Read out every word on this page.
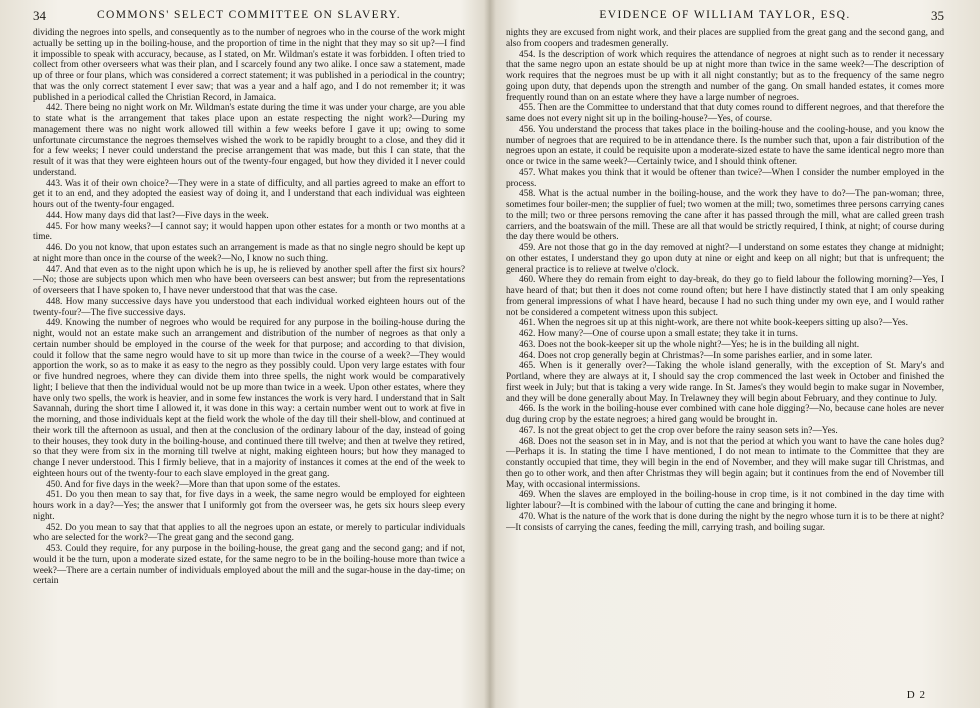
34	COMMONS' SELECT COMMITTEE ON SLAVERY.

dividing the negroes into spells, and consequently as to the number of negroes who in the course of the work might actually be setting up in the boiling-house, and the proportion of time in the night that they may so sit up?—I find it impossible to speak with accuracy, because, as I stated, on Mr. Wildman's estate it was forbidden. I often tried to collect from other overseers what was their plan, and I scarcely found any two alike. I once saw a statement, made up of three or four plans, which was considered a correct statement; it was published in a periodical in the country; that was the only correct statement I ever saw; that was a year and a half ago, and I do not remember it; it was published in a periodical called the Christian Record, in Jamaica.

442. There being no night work on Mr. Wildman's estate during the time it was under your charge, are you able to state what is the arrangement that takes place upon an estate respecting the night work?—During my management there was no night work allowed till within a few weeks before I gave it up; owing to some unfortunate circumstance the negroes themselves wished the work to be rapidly brought to a close, and they did it for a few weeks; I never could understand the precise arrangement that was made, but this I can state, that the result of it was that they were eighteen hours out of the twenty-four engaged, but how they divided it I never could understand.

443. Was it of their own choice?—They were in a state of difficulty, and all parties agreed to make an effort to get it to an end, and they adopted the easiest way of doing it, and I understand that each individual was eighteen hours out of the twenty-four engaged.

444. How many days did that last?—Five days in the week.

445. For how many weeks?—I cannot say; it would happen upon other estates for a month or two months at a time.

446. Do you not know, that upon estates such an arrangement is made as that no single negro should be kept up at night more than once in the course of the week?—No, I know no such thing.

447. And that even as to the night upon which he is up, he is relieved by another spell after the first six hours?—No; those are subjects upon which men who have been overseers can best answer; but from the representations of overseers that I have spoken to, I have never understood that that was the case.

448. How many successive days have you understood that each individual worked eighteen hours out of the twenty-four?—The five successive days.

449. Knowing the number of negroes who would be required for any purpose in the boiling-house during the night, would not an estate make such an arrangement and distribution of the number of negroes as that only a certain number should be employed in the course of the week for that purpose; and according to that division, could it follow that the same negro would have to sit up more than twice in the course of a week?—They would apportion the work, so as to make it as easy to the negro as they possibly could. Upon very large estates with four or five hundred negroes, where they can divide them into three spells, the night work would be comparatively light; I believe that then the individual would not be up more than twice in a week. Upon other estates, where they have only two spells, the work is heavier, and in some few instances the work is very hard. I understand that in Salt Savannah, during the short time I allowed it, it was done in this way: a certain number went out to work at five in the morning, and those individuals kept at the field work the whole of the day till their shell-blow, and continued at their work till the afternoon as usual, and then at the conclusion of the ordinary labour of the day, instead of going to their houses, they took duty in the boiling-house, and continued there till twelve; and then at twelve they retired, so that they were from six in the morning till twelve at night, making eighteen hours; but how they managed to change I never understood. This I firmly believe, that in a majority of instances it comes at the end of the week to eighteen hours out of the twenty-four to each slave employed in the great gang.

450. And for five days in the week?—More than that upon some of the estates.

451. Do you then mean to say that, for five days in a week, the same negro would be employed for eighteen hours work in a day?—Yes; the answer that I uniformly got from the overseer was, he gets six hours sleep every night.

452. Do you mean to say that that applies to all the negroes upon an estate, or merely to particular individuals who are selected for the work?—The great gang and the second gang.

453. Could they require, for any purpose in the boiling-house, the great gang and the second gang; and if not, would it be the turn, upon a moderate sized estate, for the same negro to be in the boiling-house more than twice a week?—There are a certain number of individuals employed about the mill and the sugar-house in the day-time; on certain

EVIDENCE OF WILLIAM TAYLOR, ESQ.	35

nights they are excused from night work, and their places are supplied from the great gang and the second gang, and also from coopers and tradesmen generally.

454. Is the description of work which requires the attendance of negroes at night such as to render it necessary that the same negro upon an estate should be up at night more than twice in the same week?—The description of work requires that the negroes must be up with it all night constantly; but as to the frequency of the same negro going upon duty, that depends upon the strength and number of the gang. On small handed estates, it comes more frequently round than on an estate where they have a large number of negroes.

455. Then are the Committee to understand that that duty comes round to different negroes, and that therefore the same does not every night sit up in the boiling-house?—Yes, of course.

456. You understand the process that takes place in the boiling-house and the cooling-house, and you know the number of negroes that are required to be in attendance there. Is the number such that, upon a fair distribution of the negroes upon an estate, it could be requisite upon a moderate-sized estate to have the same identical negro more than once or twice in the same week?—Certainly twice, and I should think oftener.

457. What makes you think that it would be oftener than twice?—When I consider the number employed in the process.

458. What is the actual number in the boiling-house, and the work they have to do?—The pan-woman; three, sometimes four boiler-men; the supplier of fuel; two women at the mill; two, sometimes three persons carrying canes to the mill; two or three persons removing the cane after it has passed through the mill, what are called green trash carriers, and the boatswain of the mill. These are all that would be strictly required, I think, at night; of course during the day there would be others.

459. Are not those that go in the day removed at night?—I understand on some estates they change at midnight; on other estates, I understand they go upon duty at nine or eight and keep on all night; but that is unfrequent; the general practice is to relieve at twelve o'clock.

460. Where they do remain from eight to day-break, do they go to field labour the following morning?—Yes, I have heard of that; but then it does not come round often; but here I have distinctly stated that I am only speaking from general impressions of what I have heard, because I had no such thing under my own eye, and I would rather not be considered a competent witness upon this subject.

461. When the negroes sit up at this night-work, are there not white book-keepers sitting up also?—Yes.

462. How many?—One of course upon a small estate; they take it in turns.

463. Does not the book-keeper sit up the whole night?—Yes; he is in the building all night.

464. Does not crop generally begin at Christmas?—In some parishes earlier, and in some later.

465. When is it generally over?—Taking the whole island generally, with the exception of St. Mary's and Portland, where they are always at it, I should say the crop commenced the last week in October and finished the first week in July; but that is taking a very wide range. In St. James's they would begin to make sugar in November, and they will be done generally about May. In Trelawney they will begin about February, and they continue to July.

466. Is the work in the boiling-house ever combined with cane hole digging?—No, because cane holes are never dug during crop by the estate negroes; a hired gang would be brought in.

467. Is not the great object to get the crop over before the rainy season sets in?—Yes.

468. Does not the season set in in May, and is not that the period at which you want to have the cane holes dug?—Perhaps it is. In stating the time I have mentioned, I do not mean to intimate to the Committee that they are constantly occupied that time, they will begin in the end of November, and they will make sugar till Christmas, and then go to other work, and then after Christmas they will begin again; but it continues from the end of November till May, with occasional intermissions.

469. When the slaves are employed in the boiling-house in crop time, is it not combined in the day time with lighter labour?—It is combined with the labour of cutting the cane and bringing it home.

470. What is the nature of the work that is done during the night by the negro whose turn it is to be there at night?—It consists of carrying the canes, feeding the mill, carrying trash, and boiling sugar.

D 2
